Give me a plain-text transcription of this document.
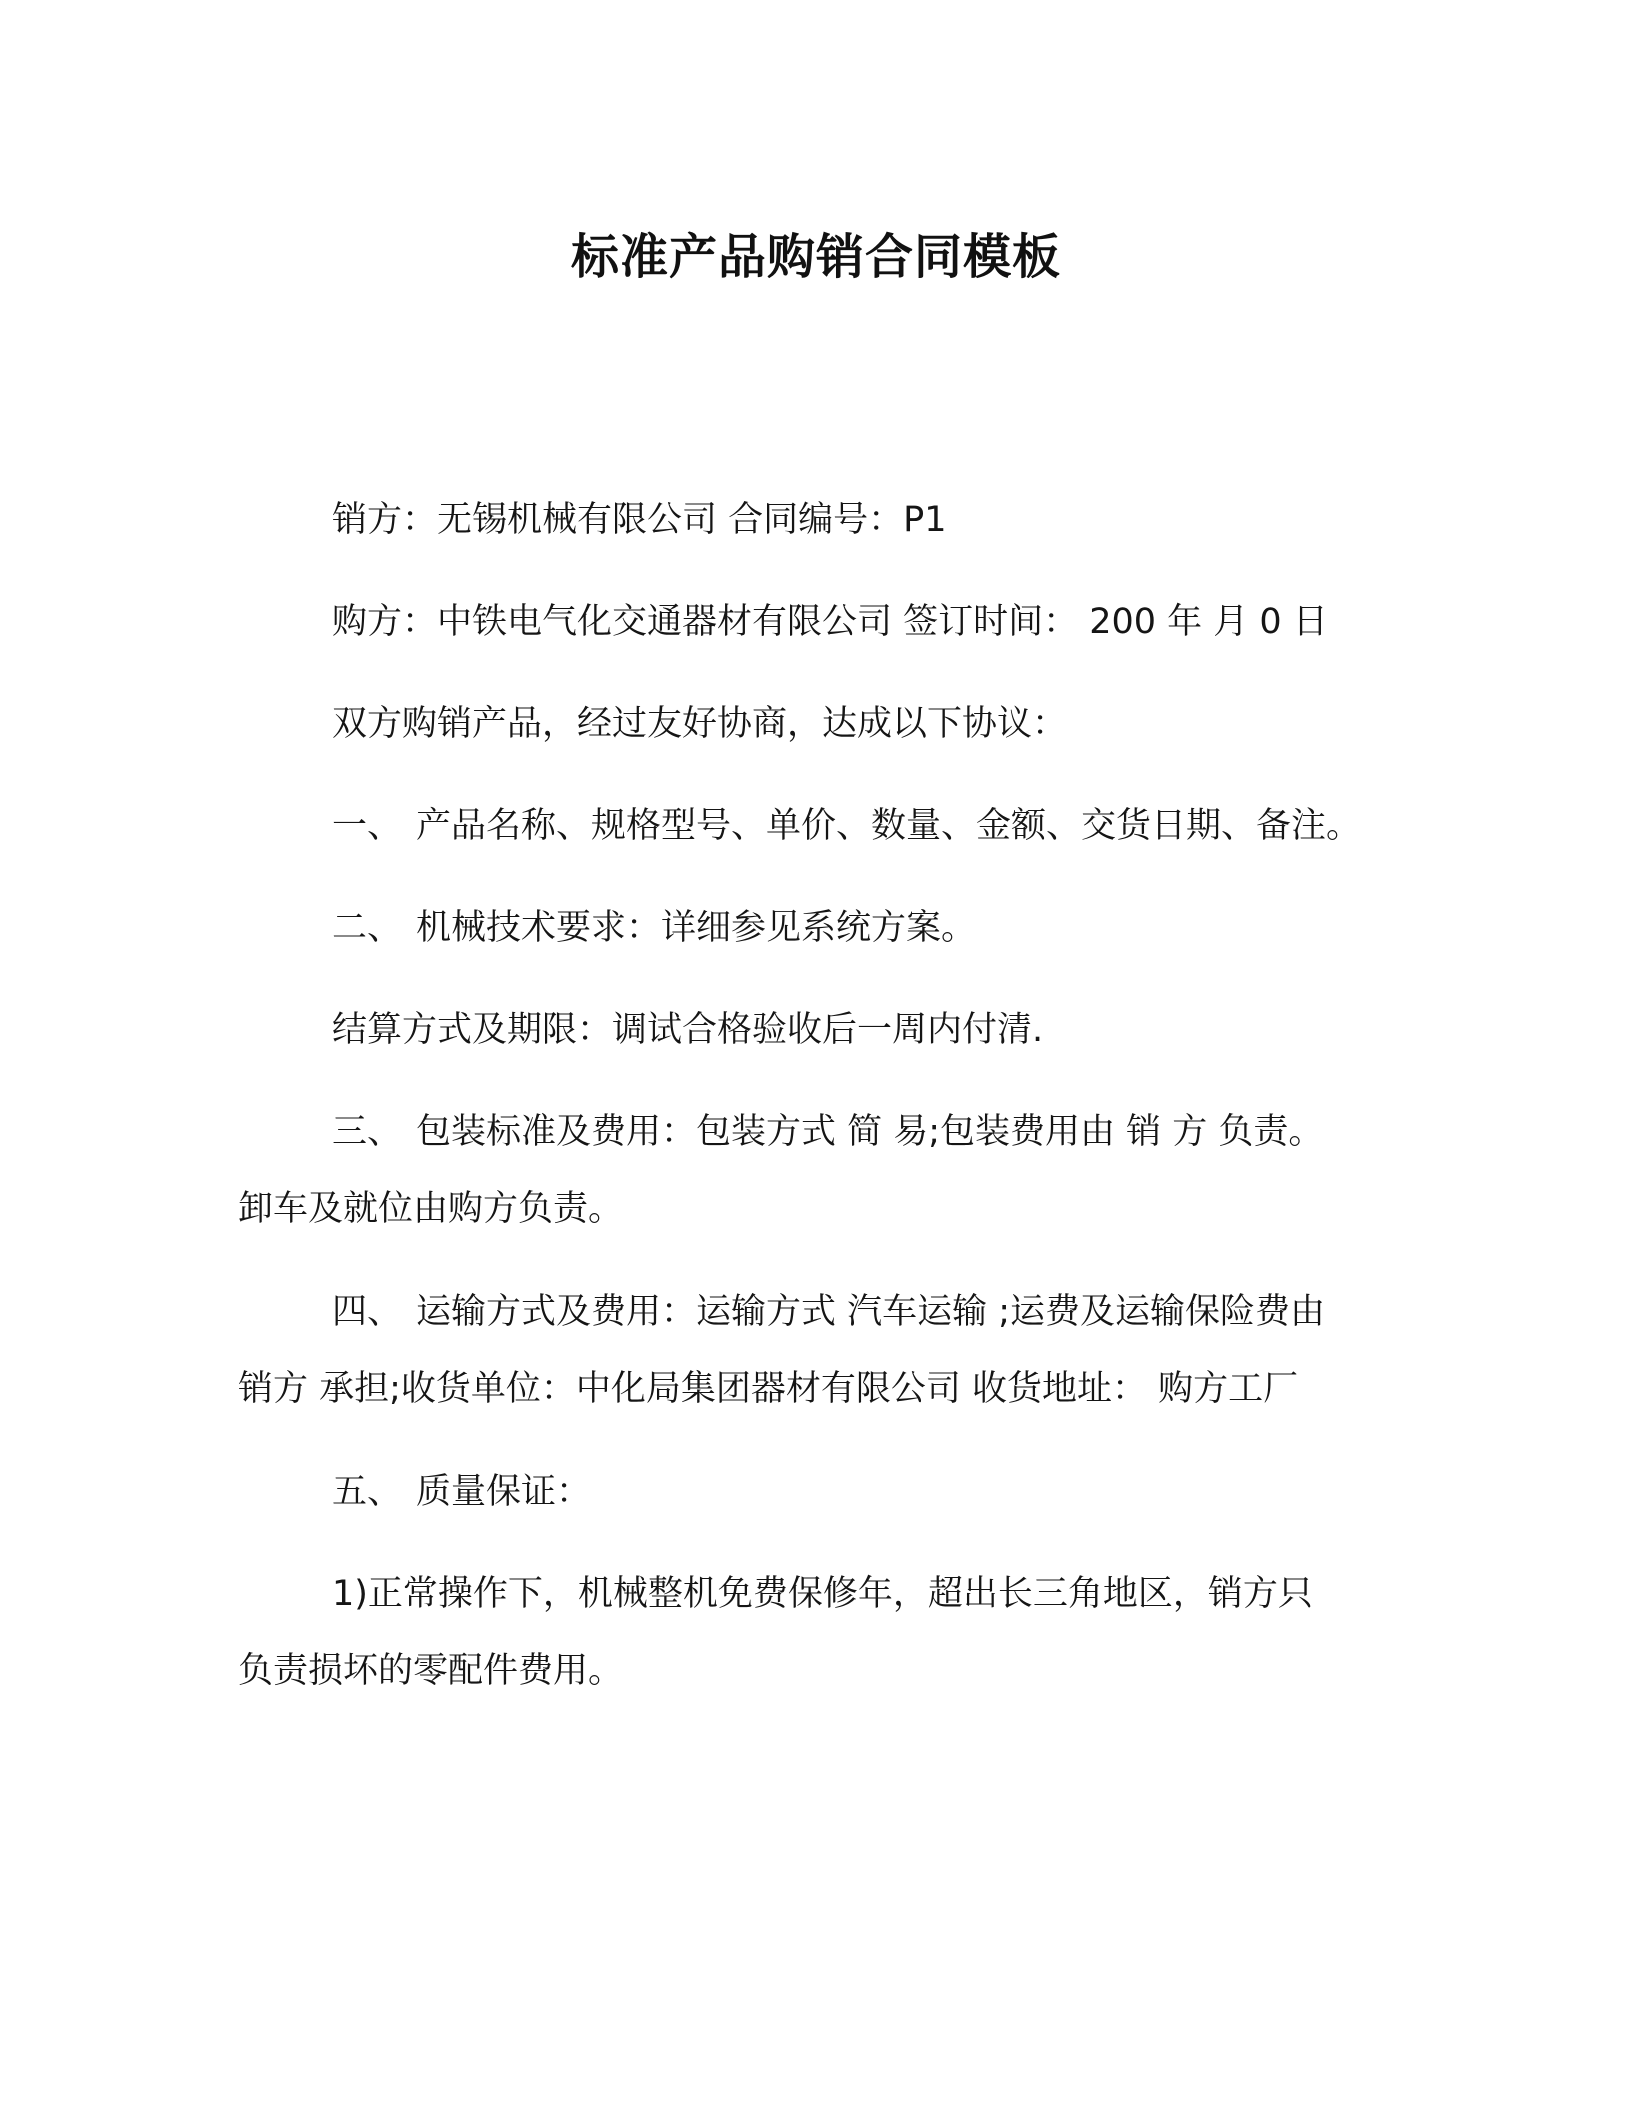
标准产品购销合同模板
销方：无锡机械有限公司 合同编号：P1
购方：中铁电气化交通器材有限公司 签订时间： 200 年 月 0 日
双方购销产品，经过友好协商，达成以下协议：
一、 产品名称、规格型号、单价、数量、金额、交货日期、备注。
二、 机械技术要求：详细参见系统方案。
结算方式及期限：调试合格验收后一周内付清.
三、 包装标准及费用：包装方式 简 易;包装费用由 销 方 负责。
卸车及就位由购方负责。
四、 运输方式及费用：运输方式 汽车运输 ;运费及运输保险费由
销方 承担;收货单位：中化局集团器材有限公司 收货地址： 购方工厂
五、 质量保证：
1)正常操作下，机械整机免费保修年，超出长三角地区，销方只
负责损坏的零配件费用。
